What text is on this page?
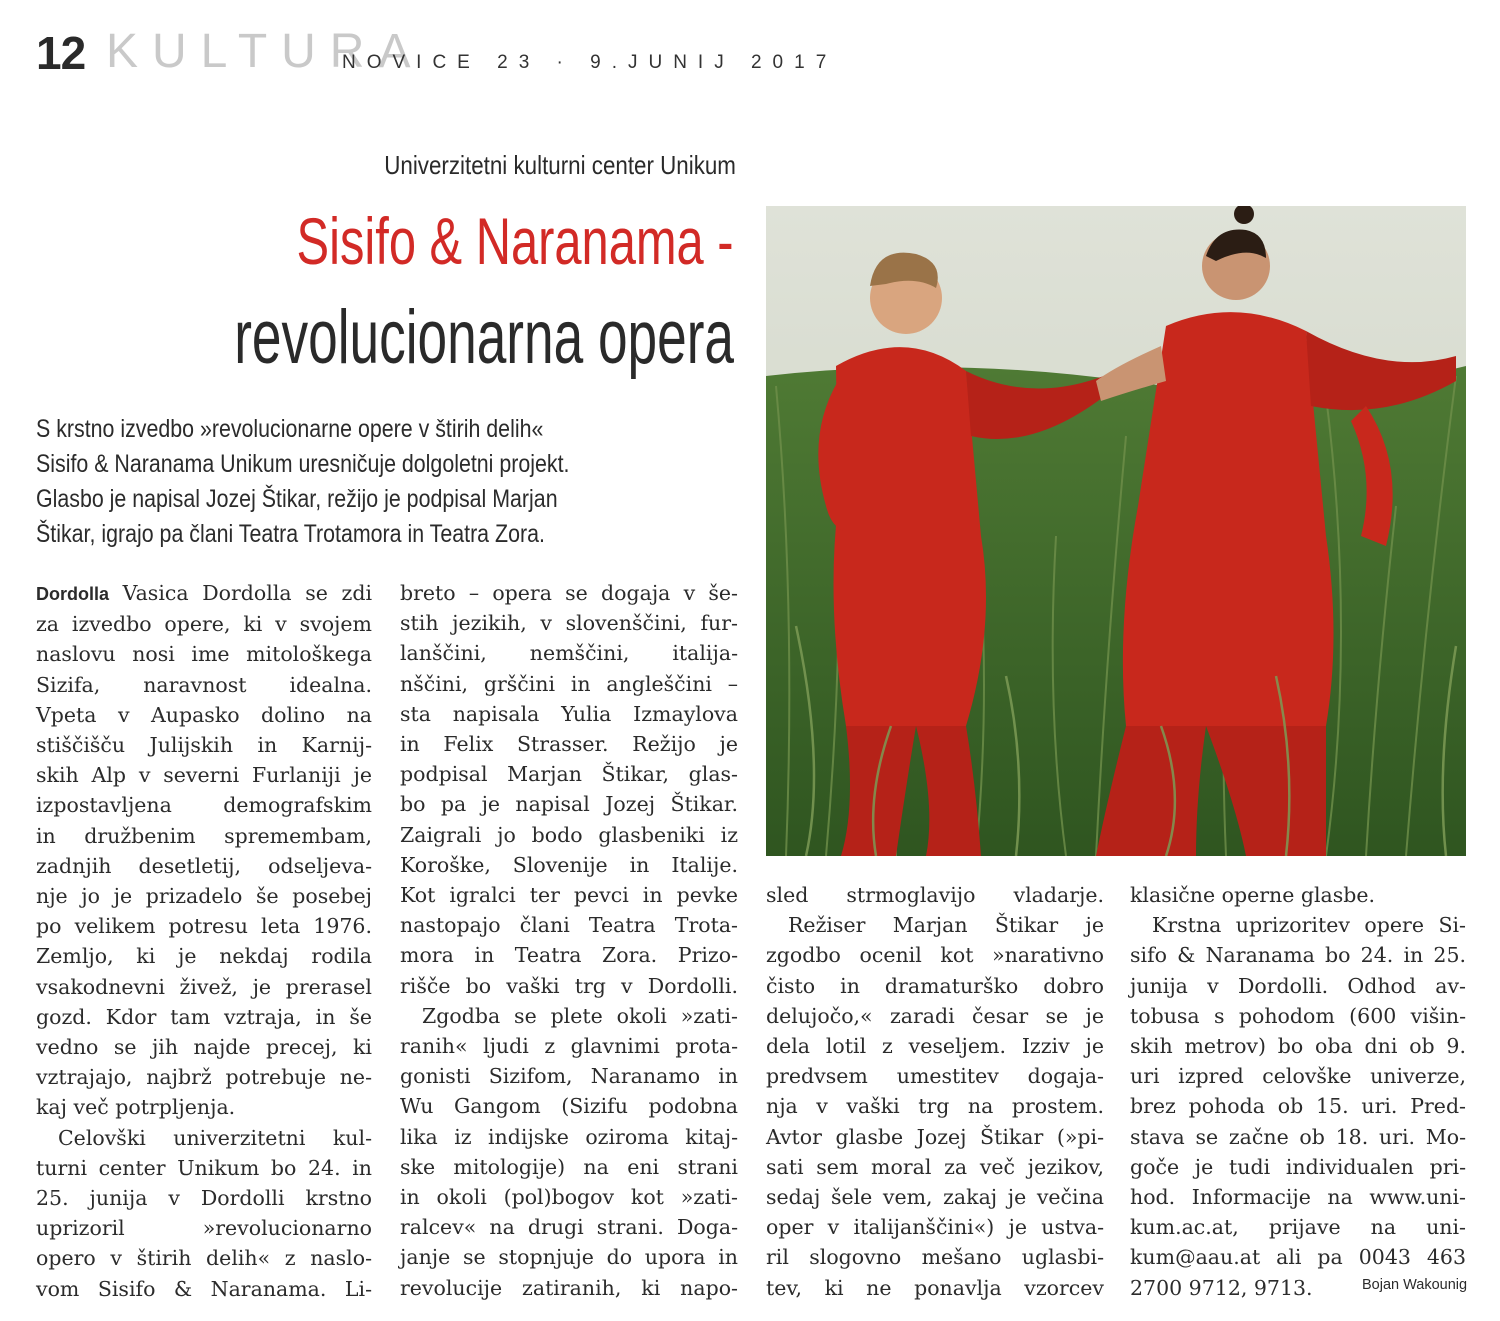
12 KULTURA
NOVICE 23 · 9.JUNIJ 2017
Univerzitetni kulturni center Unikum
Sisifo & Naranama -
revolucionarna opera
S krstno izvedbo »revolucionarne opere v štirih delih«
Sisifo & Naranama Unikum uresničuje dolgoletni projekt.
Glasbo je napisal Jozej Štikar, režijo je podpisal Marjan
Štikar, igrajo pa člani Teatra Trotamora in Teatra Zora.
Dordolla Vasica Dordolla se zdi
za izvedbo opere, ki v svojem
naslovu nosi ime mitološkega
Sizifa, naravnost idealna.
Vpeta v Aupasko dolino na
stiščišču Julijskih in Karnij-
skih Alp v severni Furlaniji je
izpostavljena demografskim
in družbenim spremembam,
zadnjih desetletij, odseljeva-
nje jo je prizadelo še posebej
po velikem potresu leta 1976.
Zemljo, ki je nekdaj rodila
vsakodnevni živež, je prerasel
gozd. Kdor tam vztraja, in še
vedno se jih najde precej, ki
vztrajajo, najbrž potrebuje ne-
kaj več potrpljenja.
Celovški univerzitetni kul-
turni center Unikum bo 24. in
25. junija v Dordolli krstno
uprizoril »revolucionarno
opero v štirih delih« z naslo-
vom Sisifo & Naranama. Li-
breto – opera se dogaja v še-
stih jezikih, v slovenščini, fur-
lanščini, nemščini, italija-
nščini, grščini in angleščini –
sta napisala Yulia Izmaylova
in Felix Strasser. Režijo je
podpisal Marjan Štikar, glas-
bo pa je napisal Jozej Štikar.
Zaigrali jo bodo glasbeniki iz
Koroške, Slovenije in Italije.
Kot igralci ter pevci in pevke
nastopajo člani Teatra Trota-
mora in Teatra Zora. Prizo-
rišče bo vaški trg v Dordolli.
Zgodba se plete okoli »zati-
ranih« ljudi z glavnimi prota-
gonisti Sizifom, Naranamo in
Wu Gangom (Sizifu podobna
lika iz indijske oziroma kitaj-
ske mitologije) na eni strani
in okoli (pol)bogov kot »zati-
ralcev« na drugi strani. Doga-
janje se stopnjuje do upora in
revolucije zatiranih, ki napo-
sled strmoglavijo vladarje.
Režiser Marjan Štikar je
zgodbo ocenil kot »narativno
čisto in dramaturško dobro
delujočo,« zaradi česar se je
dela lotil z veseljem. Izziv je
predvsem umestitev dogaja-
nja v vaški trg na prostem.
Avtor glasbe Jozej Štikar (»pi-
sati sem moral za več jezikov,
sedaj šele vem, zakaj je večina
oper v italijanščini«) je ustva-
ril slogovno mešano uglasbi-
tev, ki ne ponavlja vzorcev
klasične operne glasbe.
Krstna uprizoritev opere Si-
sifo & Naranama bo 24. in 25.
junija v Dordolli. Odhod av-
tobusa s pohodom (600 višin-
skih metrov) bo oba dni ob 9.
uri izpred celovške univerze,
brez pohoda ob 15. uri. Pred-
stava se začne ob 18. uri. Mo-
goče je tudi individualen pri-
hod. Informacije na www.uni-
kum.ac.at, prijave na uni-
kum@aau.at ali pa 0043 463
2700 9712, 9713.	Bojan Wakounig
